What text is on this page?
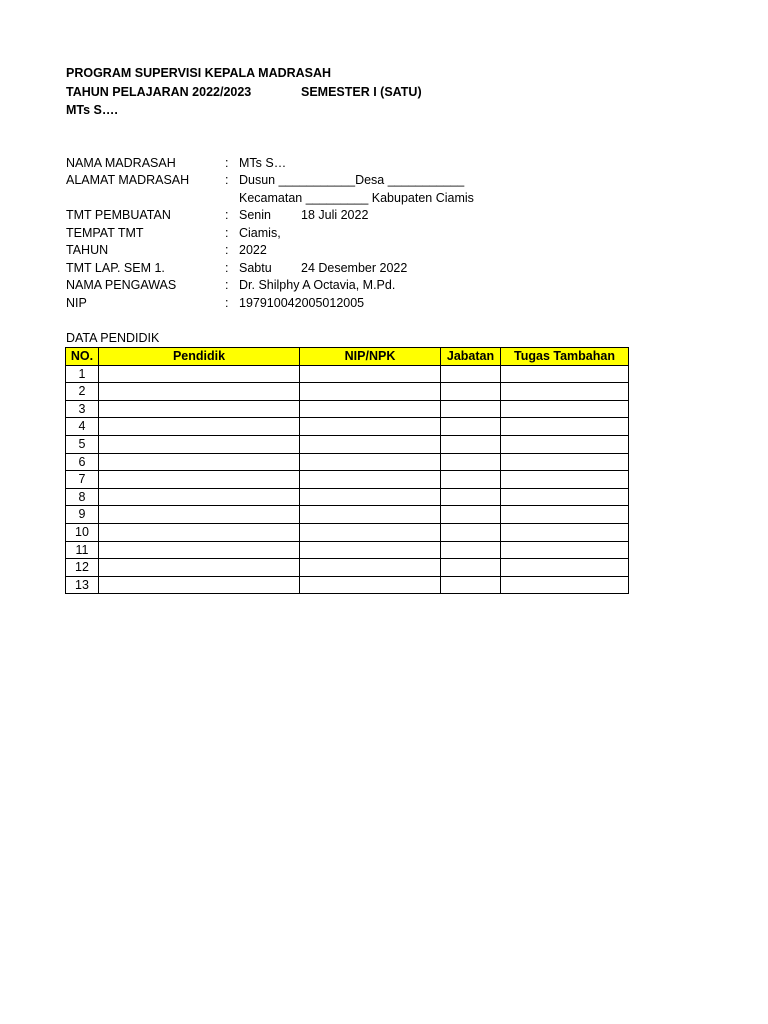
PROGRAM SUPERVISI KEPALA MADRASAH
TAHUN PELAJARAN 2022/2023	SEMESTER I (SATU)
MTs S….
NAMA MADRASAH	: MTs S…
ALAMAT MADRASAH	: Dusun ___________Desa ___________
Kecamatan _________ Kabupaten Ciamis
TMT PEMBUATAN	: Senin 18 Juli 2022
TEMPAT TMT	: Ciamis,
TAHUN	: 2022
TMT LAP. SEM 1.	: Sabtu 24 Desember 2022
NAMA PENGAWAS	: Dr. Shilphy A Octavia, M.Pd.
NIP	: 197910042005012005
DATA PENDIDIK
NO.	Pendidik	NIP/NPK	Jabatan	Tugas Tambahan
1				
2				
3				
4				
5				
6				
7				
8				
9				
10				
11				
12				
13				
